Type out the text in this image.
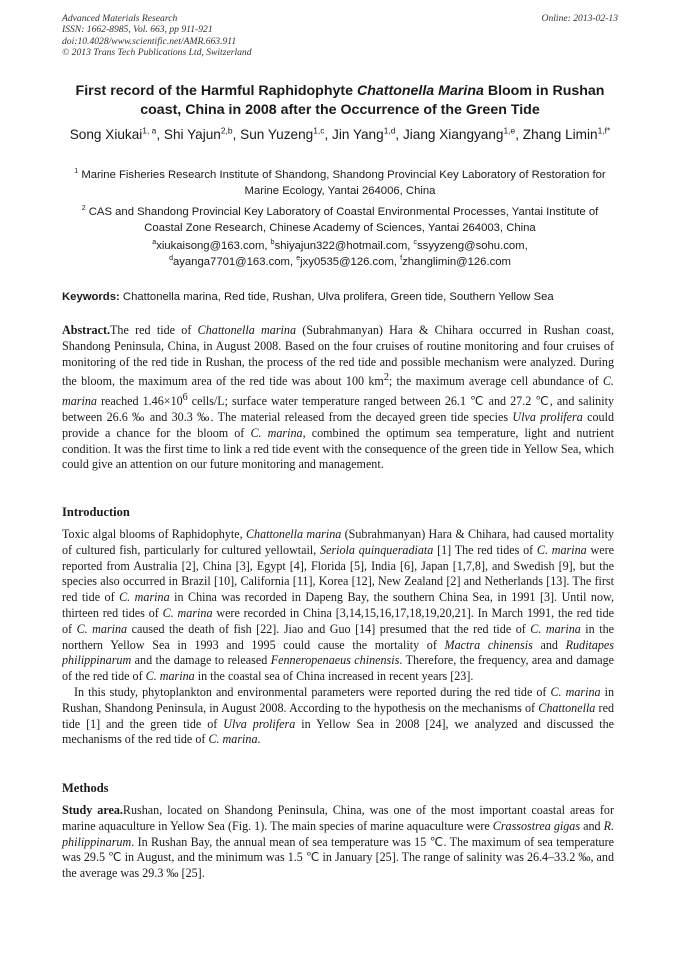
Advanced Materials Research
ISSN: 1662-8985, Vol. 663, pp 911-921
doi:10.4028/www.scientific.net/AMR.663.911
© 2013 Trans Tech Publications Ltd, Switzerland
Online: 2013-02-13
First record of the Harmful Raphidophyte Chattonella Marina Bloom in Rushan coast, China in 2008 after the Occurrence of the Green Tide
Song Xiukai$^{1, a}$, Shi Yajun$^{2,b}$, Sun Yuzeng$^{1,c}$, Jin Yang$^{1,d}$, Jiang Xiangyang$^{1,e}$, Zhang Limin$^{1,f*}$
$^1$ Marine Fisheries Research Institute of Shandong, Shandong Provincial Key Laboratory of Restoration for Marine Ecology, Yantai 264006, China
$^2$ CAS and Shandong Provincial Key Laboratory of Coastal Environmental Processes, Yantai Institute of Coastal Zone Research, Chinese Academy of Sciences, Yantai 264003, China
$^a$xiukaisong@163.com, $^b$shiyajun322@hotmail.com, $^c$ssyyzeng@sohu.com,
$^d$ayanga7701@163.com, $^e$jxy0535@126.com, $^f$zhanglimin@126.com
Keywords: Chattonella marina, Red tide, Rushan, Ulva prolifera, Green tide, Southern Yellow Sea

Abstract.The red tide of Chattonella marina (Subrahmanyan) Hara & Chihara occurred in Rushan coast, Shandong Peninsula, China, in August 2008. Based on the four cruises of routine monitoring and four cruises of monitoring of the red tide in Rushan, the process of the red tide and possible mechanism were analyzed. During the bloom, the maximum area of the red tide was about 100 $km^2$; the maximum average cell abundance of C. marina reached $1.46\times 10^6$ cells/L; surface water temperature ranged between 26.1 ℃ and 27.2 ℃, and salinity between 26.6 ‰ and 30.3 ‰. The material released from the decayed green tide species Ulva prolifera could provide a chance for the bloom of C. marina, combined the optimum sea temperature, light and nutrient condition. It was the first time to link a red tide event with the consequence of the green tide in Yellow Sea, which could give an attention on our future monitoring and management.

Introduction

Toxic algal blooms of Raphidophyte, Chattonella marina (Subrahmanyan) Hara & Chihara, had caused mortality of cultured fish, particularly for cultured yellowtail, Seriola quinqueradiata [1] The red tides of C. marina were reported from Australia [2], China [3], Egypt [4], Florida [5], India [6], Japan [1,7,8], and Swedish [9], but the species also occurred in Brazil [10], California [11], Korea [12], New Zealand [2] and Netherlands [13]. The first red tide of C. marina in China was recorded in Dapeng Bay, the southern China Sea, in 1991 [3]. Until now, thirteen red tides of C. marina were recorded in China [3,14,15,16,17,18,19,20,21]. In March 1991, the red tide of C. marina caused the death of fish [22]. Jiao and Guo [14] presumed that the red tide of C. marina in the northern Yellow Sea in 1993 and 1995 could cause the mortality of Mactra chinensis and Ruditapes philippinarum and the damage to released Fenneropenaeus chinensis. Therefore, the frequency, area and damage of the red tide of C. marina in the coastal sea of China increased in recent years [23].

In this study, phytoplankton and environmental parameters were reported during the red tide of C. marina in Rushan, Shandong Peninsula, in August 2008. According to the hypothesis on the mechanisms of Chattonella red tide [1] and the green tide of Ulva prolifera in Yellow Sea in 2008 [24], we analyzed and discussed the mechanisms of the red tide of C. marina.

Methods

Study area.Rushan, located on Shandong Peninsula, China, was one of the most important coastal areas for marine aquaculture in Yellow Sea (Fig. 1). The main species of marine aquaculture were Crassostrea gigas and R. philippinarum. In Rushan Bay, the annual mean of sea temperature was 15 ℃. The maximum of sea temperature was 29.5 ℃ in August, and the minimum was 1.5 ℃ in January [25]. The range of salinity was 26.4–33.2 ‰, and the average was 29.3 ‰ [25].
